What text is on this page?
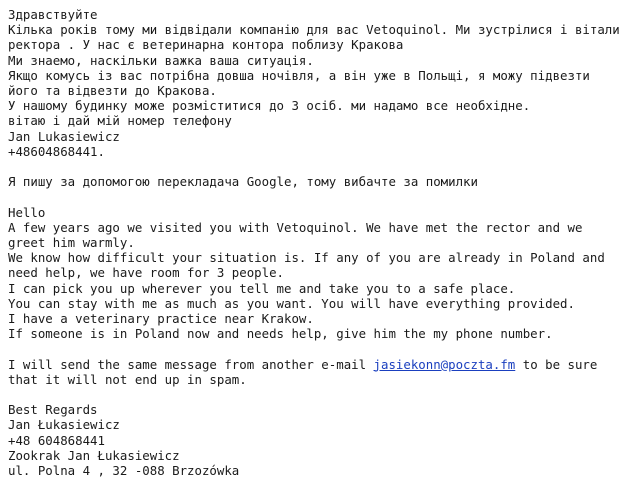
Здравствуйте
Кілька років тому ми відвідали компанію для вас Vetoquinol. Ми зустрілися і вітали ректора . У нас є ветеринарна контора поблизу Кракова
Ми знаемо, наскільки важка ваша ситуація.
Якщо комусь із вас потрібна довша ночівля, а він уже в Польщі, я можу підвезти його та відвезти до Кракова.
У нашому будинку може розміститися до 3 осіб. ми надамо все необхідне.
вітаю і дай мій номер телефону
Jan Lukasiewicz
+48604868441.
Я пишу за допомогою перекладача Google, тому вибачте за помилки
Hello
A few years ago we visited you with Vetoquinol. We have met the rector and we greet him warmly.
We know how difficult your situation is. If any of you are already in Poland and need help, we have room for 3 people.
I can pick you up wherever you tell me and take you to a safe place.
You can stay with me as much as you want. You will have everything provided.
I have a veterinary practice near Krakow.
If someone is in Poland now and needs help, give him the my phone number.
I will send the same message from another e-mail jasiekonn@poczta.fm to be sure that it will not end up in spam.
Best Regards
Jan Łukasiewicz
+48 604868441
Zookrak Jan Łukasiewicz
ul. Polna 4 , 32 -088 Brzozówka
